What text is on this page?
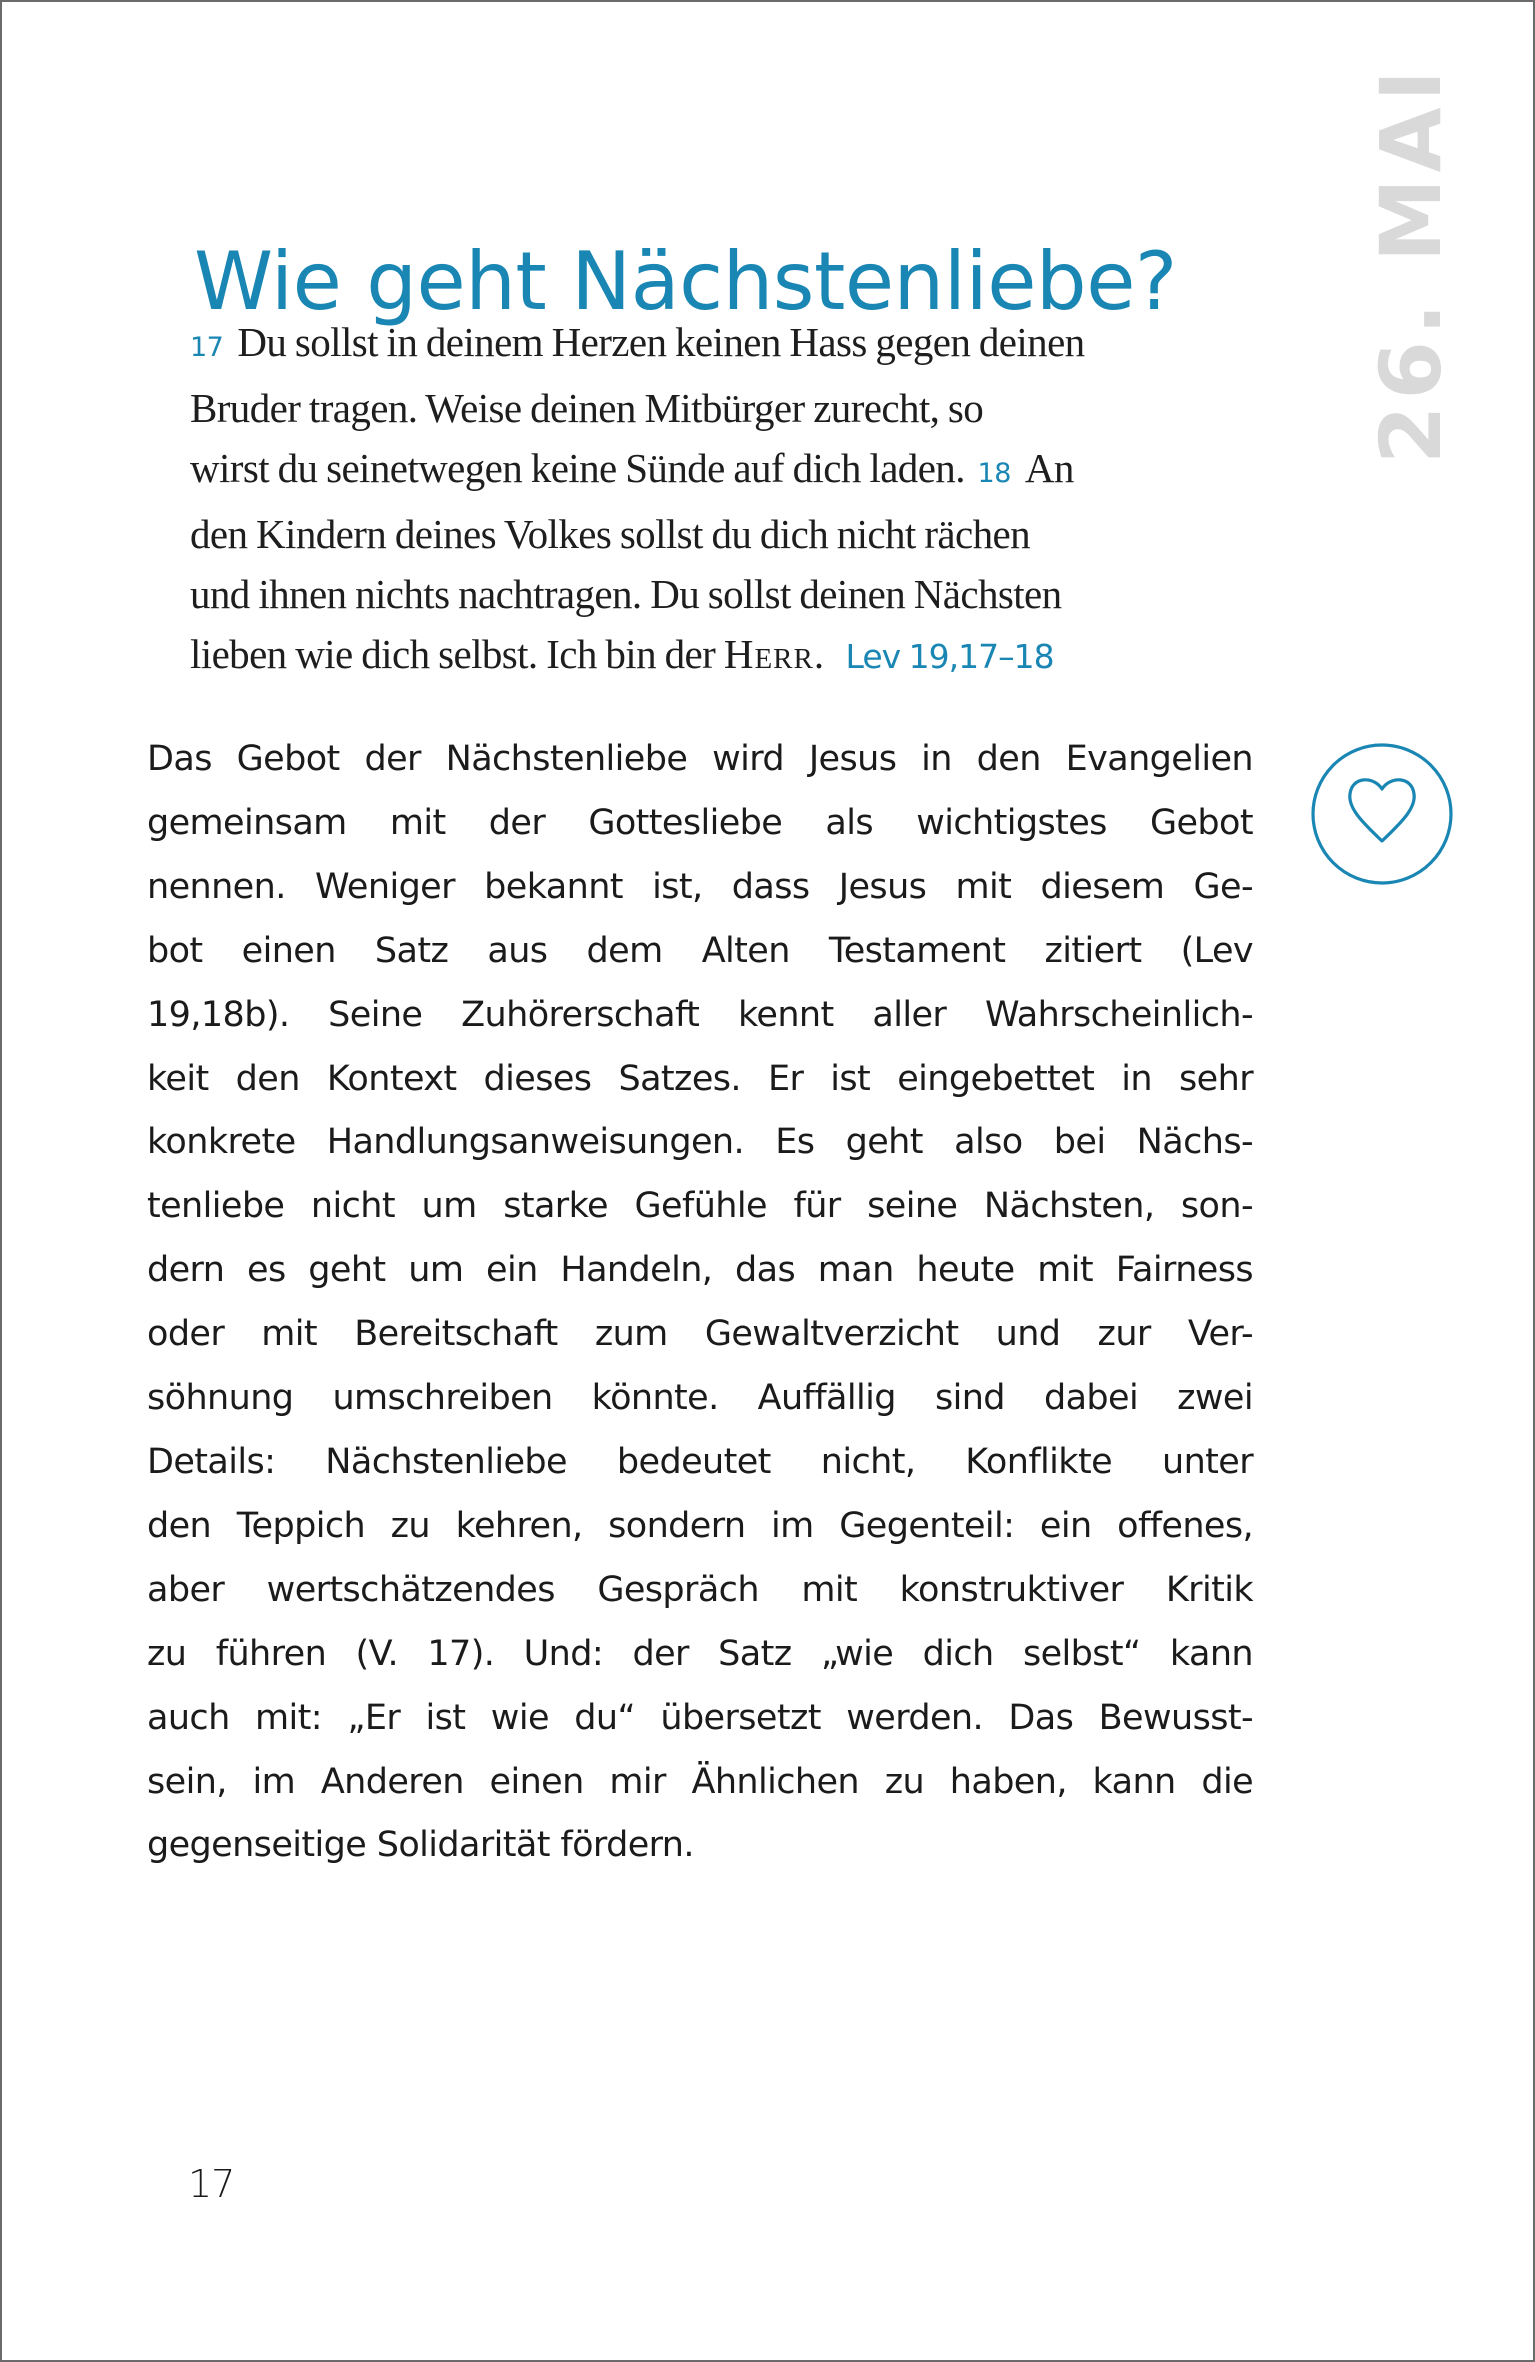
Wie geht Nächstenliebe?	26. MAI
17 Du sollst in deinem Herzen keinen Hass gegen deinen
Bruder tragen. Weise deinen Mitbürger zurecht, so
wirst du seinetwegen keine Sünde auf dich laden. 18 An
den Kindern deines Volkes sollst du dich nicht rächen
und ihnen nichts nachtragen. Du sollst deinen Nächsten
lieben wie dich selbst. Ich bin der Herr. Lev 19,17–18
Das Gebot der Nächstenliebe wird Jesus in den Evangelien
gemeinsam mit der Gottesliebe als wichtigstes Gebot
nennen. Weniger bekannt ist, dass Jesus mit diesem Ge-
bot einen Satz aus dem Alten Testament zitiert (Lev
19,18b). Seine Zuhörerschaft kennt aller Wahrscheinlich-
keit den Kontext dieses Satzes. Er ist eingebettet in sehr
konkrete Handlungsanweisungen. Es geht also bei Nächs-
tenliebe nicht um starke Gefühle für seine Nächsten, son-
dern es geht um ein Handeln, das man heute mit Fairness
oder mit Bereitschaft zum Gewaltverzicht und zur Ver-
söhnung umschreiben könnte. Auffällig sind dabei zwei
Details: Nächstenliebe bedeutet nicht, Konflikte unter
den Teppich zu kehren, sondern im Gegenteil: ein offenes,
aber wertschätzendes Gespräch mit konstruktiver Kritik
zu führen (V. 17). Und: der Satz „wie dich selbst“ kann
auch mit: „Er ist wie du“ übersetzt werden. Das Bewusst-
sein, im Anderen einen mir Ähnlichen zu haben, kann die
gegenseitige Solidarität fördern.
17
